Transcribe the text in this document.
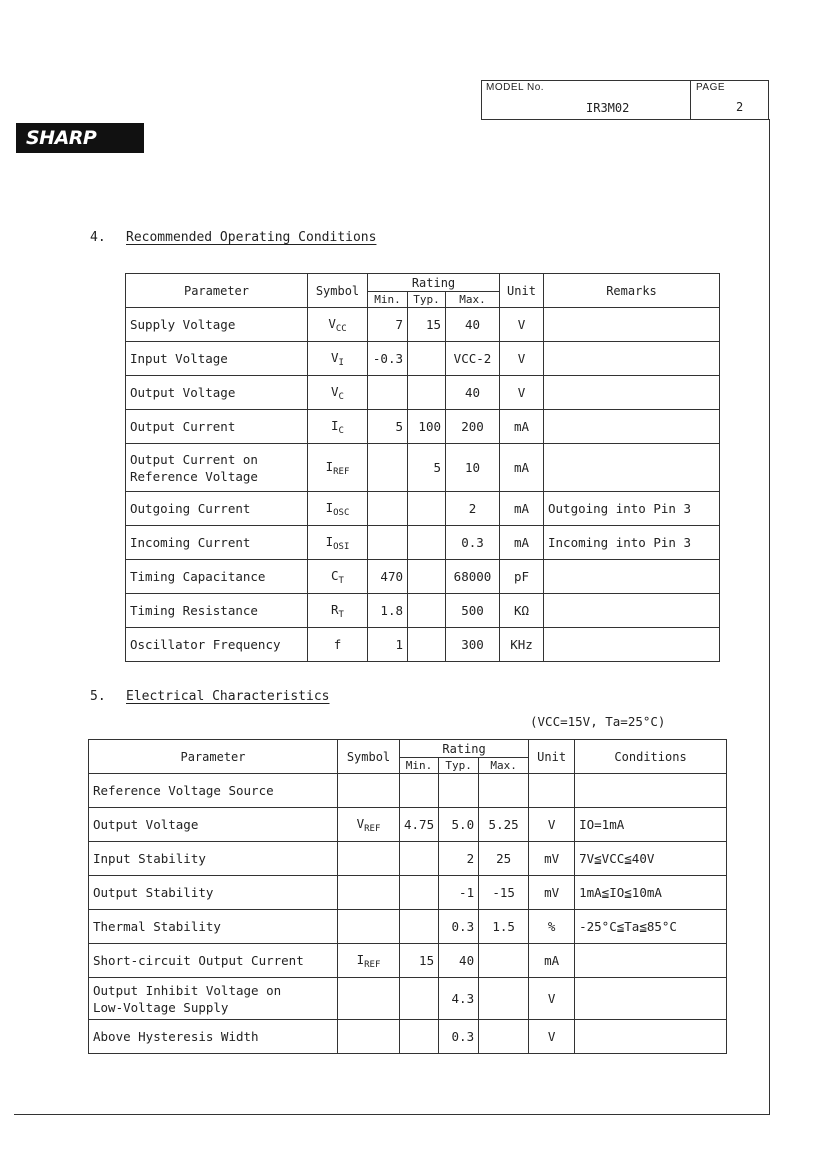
MODEL No.
IR3M02
PAGE
2
SHARP
4. Recommended Operating Conditions
Parameter	Symbol	Rating			Unit	Remarks
		Min.	Typ.	Max.		
Supply Voltage	$V_{CC}$	7	15	40	V	
Input Voltage	$V_I$	-0.3		VCC-2	V	
Output Voltage	$V_C$			40	V	
Output Current	$I_C$	5	100	200	mA	
Output Current on
Reference Voltage	$I_{REF}$		5	10	mA	
Outgoing Current	$I_{OSC}$			2	mA	Outgoing into Pin 3
Incoming Current	$I_{OSI}$			0.3	mA	Incoming into Pin 3
Timing Capacitance	$C_T$	470		68000	pF	
Timing Resistance	$R_T$	1.8		500	KΩ	
Oscillator Frequency	f	1		300	KHz	
5. Electrical Characteristics
(VCC=15V, Ta=25°C)
Parameter	Symbol	Rating			Unit	Conditions
		Min.	Typ.	Max.		
Reference Voltage Source						
Output Voltage	$V_{REF}$	4.75	5.0	5.25	V	IO=1mA
Input Stability			2	25	mV	7V≦VCC≦40V
Output Stability			-1	-15	mV	1mA≦IO≦10mA
Thermal Stability			0.3	1.5	%	-25°C≦Ta≦85°C
Short-circuit Output Current	$I_{REF}$	15	40		mA	
Output Inhibit Voltage on
Low-Voltage Supply			4.3		V	
Above Hysteresis Width			0.3		V	
